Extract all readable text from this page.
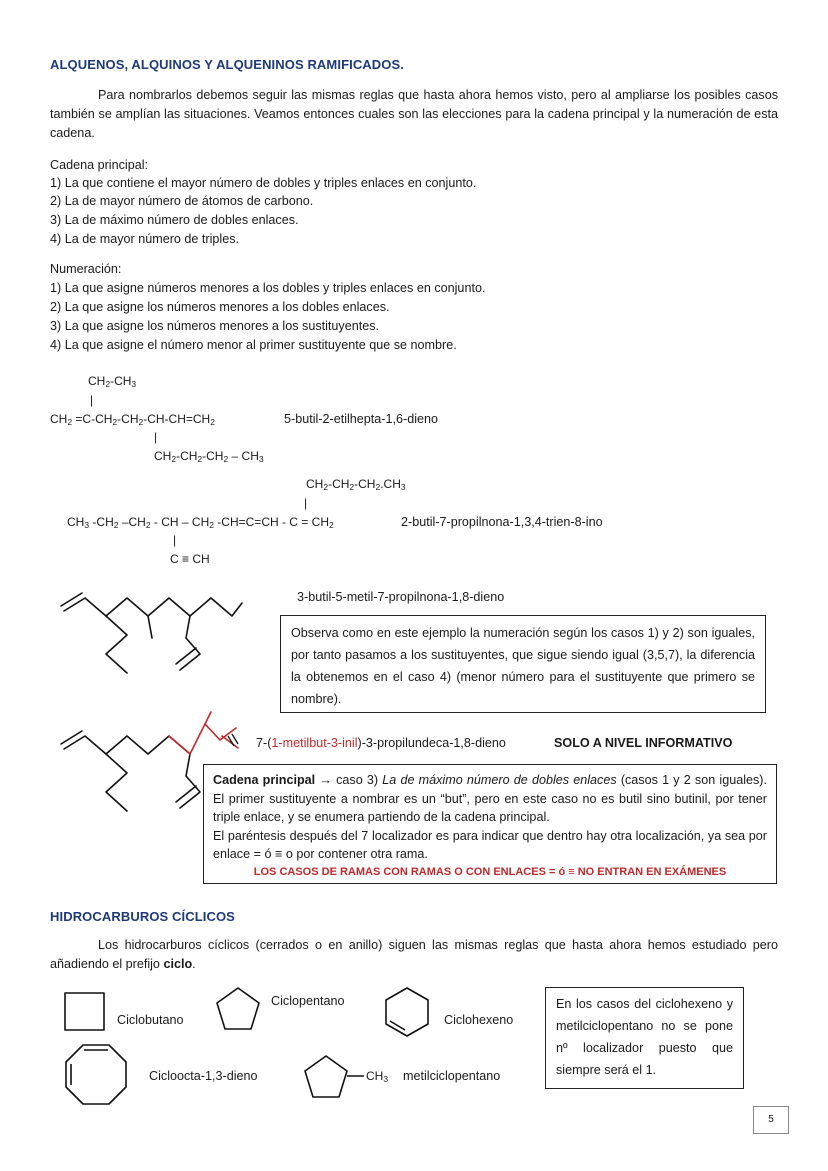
ALQUENOS, ALQUINOS Y ALQUENINOS RAMIFICADOS.
Para nombrarlos debemos seguir las mismas reglas que hasta ahora hemos visto, pero al ampliarse los posibles casos también se amplían las situaciones. Veamos entonces cuales son las elecciones para la cadena principal y la numeración de esta cadena.
Cadena principal:
1) La que contiene el mayor número de dobles y triples enlaces en conjunto.
2) La de mayor número de átomos de carbono.
3) La de máximo número de dobles enlaces.
4) La de mayor número de triples.
Numeración:
1) La que asigne números menores a los dobles y triples enlaces en conjunto.
2) La que asigne los números menores a los dobles enlaces.
3) La que asigne los números menores a los sustituyentes.
4) La que asigne el número menor al primer sustituyente que se nombre.
$CH_2-CH_3$
|
$CH_2 =C-CH_2-CH_2-CH-CH=CH_2$	5-butil-2-etilhepta-1,6-dieno
|
$CH_2-CH_2-CH_2 - CH_3$
$CH_2-CH_2-CH_2.CH_3$
|
$CH_3$ $-CH_2$ $-CH_2$ - CH – $CH_2$ $-CH=C=CH - C = CH_2$	2-butil-7-propilnona-1,3,4-trien-8-ino
|
C ≡ CH
3-butil-5-metil-7-propilnona-1,8-dieno
Observa como en este ejemplo la numeración según los casos 1) y 2) son iguales, por tanto pasamos a los sustituyentes, que sigue siendo igual (3,5,7), la diferencia la obtenemos en el caso 4) (menor número para el sustituyente que primero se nombre).
7-(1-metilbut-3-inil)-3-propilundeca-1,8-dieno	SOLO A NIVEL INFORMATIVO
Cadena principal → caso 3) La de máximo número de dobles enlaces (casos 1 y 2 son iguales). El primer sustituyente a nombrar es un “but”, pero en este caso no es butil sino butinil, por tener triple enlace, y se enumera partiendo de la cadena principal.
El paréntesis después del 7 localizador es para indicar que dentro hay otra localización, ya sea por enlace = ó ≡ o por contener otra rama.
LOS CASOS DE RAMAS CON RAMAS O CON ENLACES = ó ≡ NO ENTRAN EN EXÁMENES
HIDROCARBUROS CÍCLICOS
Los hidrocarburos cíclicos (cerrados o en anillo) siguen las mismas reglas que hasta ahora hemos estudiado pero añadiendo el prefijo ciclo.
Ciclobutano
Ciclopentano
Ciclohexeno
Cicloocta-1,3-dieno	$CH_3$ metilciclopentano
En los casos del ciclohexeno y metilciclopentano no se pone nº localizador puesto que siempre será el 1.
5
